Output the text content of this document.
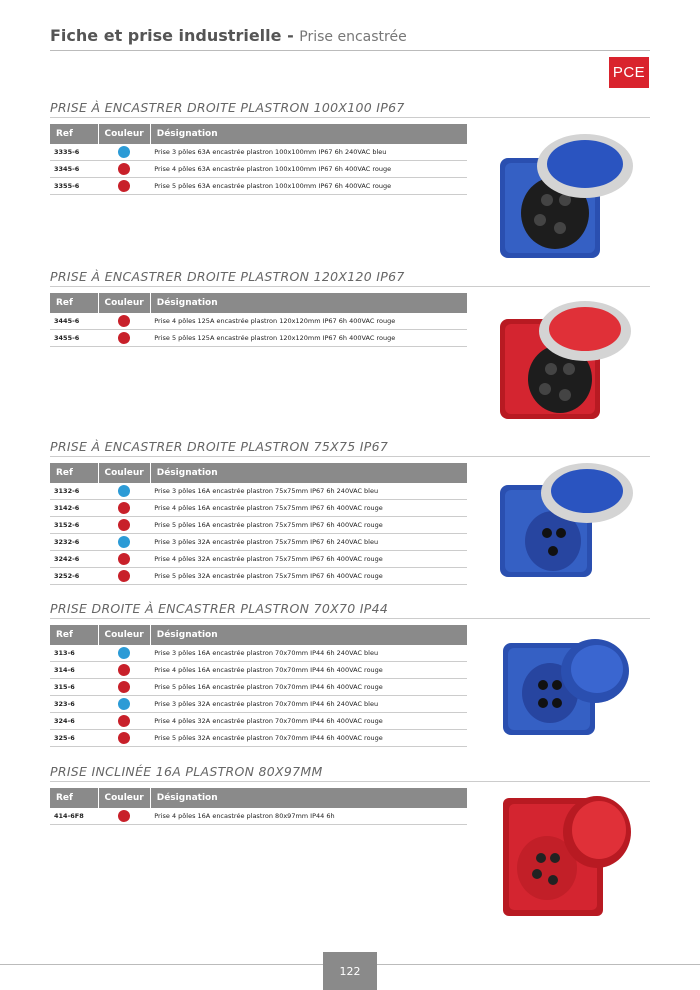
Fiche et prise industrielle - Prise encastrée
PCE
PRISE À ENCASTRER DROITE PLASTRON 100X100 IP67
Ref	Couleur	Désignation
3335-6		Prise 3 pôles 63A encastrée plastron 100x100mm IP67 6h 240VAC bleu
3345-6		Prise 4 pôles 63A encastrée plastron 100x100mm IP67 6h 400VAC rouge
3355-6		Prise 5 pôles 63A encastrée plastron 100x100mm IP67 6h 400VAC rouge
PRISE À ENCASTRER DROITE PLASTRON 120X120 IP67
Ref	Couleur	Désignation
3445-6		Prise 4 pôles 125A encastrée plastron 120x120mm IP67 6h 400VAC rouge
3455-6		Prise 5 pôles 125A encastrée plastron 120x120mm IP67 6h 400VAC rouge
PRISE À ENCASTRER DROITE PLASTRON 75X75 IP67
Ref	Couleur	Désignation
3132-6		Prise 3 pôles 16A encastrée plastron 75x75mm IP67 6h 240VAC bleu
3142-6		Prise 4 pôles 16A encastrée plastron 75x75mm IP67 6h 400VAC rouge
3152-6		Prise 5 pôles 16A encastrée plastron 75x75mm IP67 6h 400VAC rouge
3232-6		Prise 3 pôles 32A encastrée plastron 75x75mm IP67 6h 240VAC bleu
3242-6		Prise 4 pôles 32A encastrée plastron 75x75mm IP67 6h 400VAC rouge
3252-6		Prise 5 pôles 32A encastrée plastron 75x75mm IP67 6h 400VAC rouge
PRISE DROITE À ENCASTRER PLASTRON 70X70 IP44
Ref	Couleur	Désignation
313-6		Prise 3 pôles 16A encastrée plastron 70x70mm IP44 6h 240VAC bleu
314-6		Prise 4 pôles 16A encastrée plastron 70x70mm IP44 6h 400VAC rouge
315-6		Prise 5 pôles 16A encastrée plastron 70x70mm IP44 6h 400VAC rouge
323-6		Prise 3 pôles 32A encastrée plastron 70x70mm IP44 6h 240VAC bleu
324-6		Prise 4 pôles 32A encastrée plastron 70x70mm IP44 6h 400VAC rouge
325-6		Prise 5 pôles 32A encastrée plastron 70x70mm IP44 6h 400VAC rouge
PRISE INCLINÉE 16A PLASTRON 80X97MM
Ref	Couleur	Désignation
414-6F8		Prise 4 pôles 16A encastrée plastron 80x97mm IP44 6h
122
